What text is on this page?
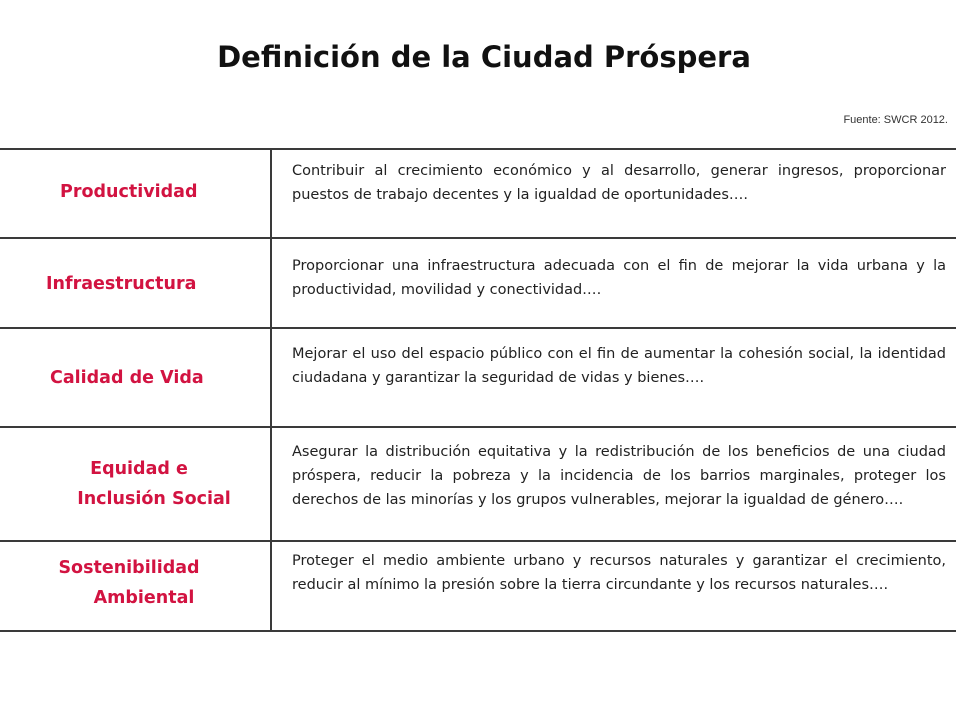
Definición de la Ciudad Próspera
Fuente: SWCR 2012.
Productividad
Contribuir al crecimiento económico y al desarrollo, generar ingresos, proporcionar puestos de trabajo decentes y la igualdad de oportunidades….
Infraestructura
Proporcionar una infraestructura adecuada con el fin de mejorar la vida urbana y la productividad, movilidad y conectividad.…
Calidad de Vida
Mejorar el uso del espacio público con el fin de aumentar la cohesión social, la identidad ciudadana y garantizar la seguridad de vidas y bienes….
Equidad e
Inclusión Social
Asegurar la distribución equitativa y la redistribución de los beneficios de una ciudad próspera, reducir la pobreza y la incidencia de los barrios marginales, proteger los derechos de las minorías y los grupos vulnerables, mejorar la igualdad de género….
Sostenibilidad
Ambiental
Proteger el medio ambiente urbano y recursos naturales y garantizar el crecimiento, reducir al mínimo la presión sobre la tierra circundante y los recursos naturales….
